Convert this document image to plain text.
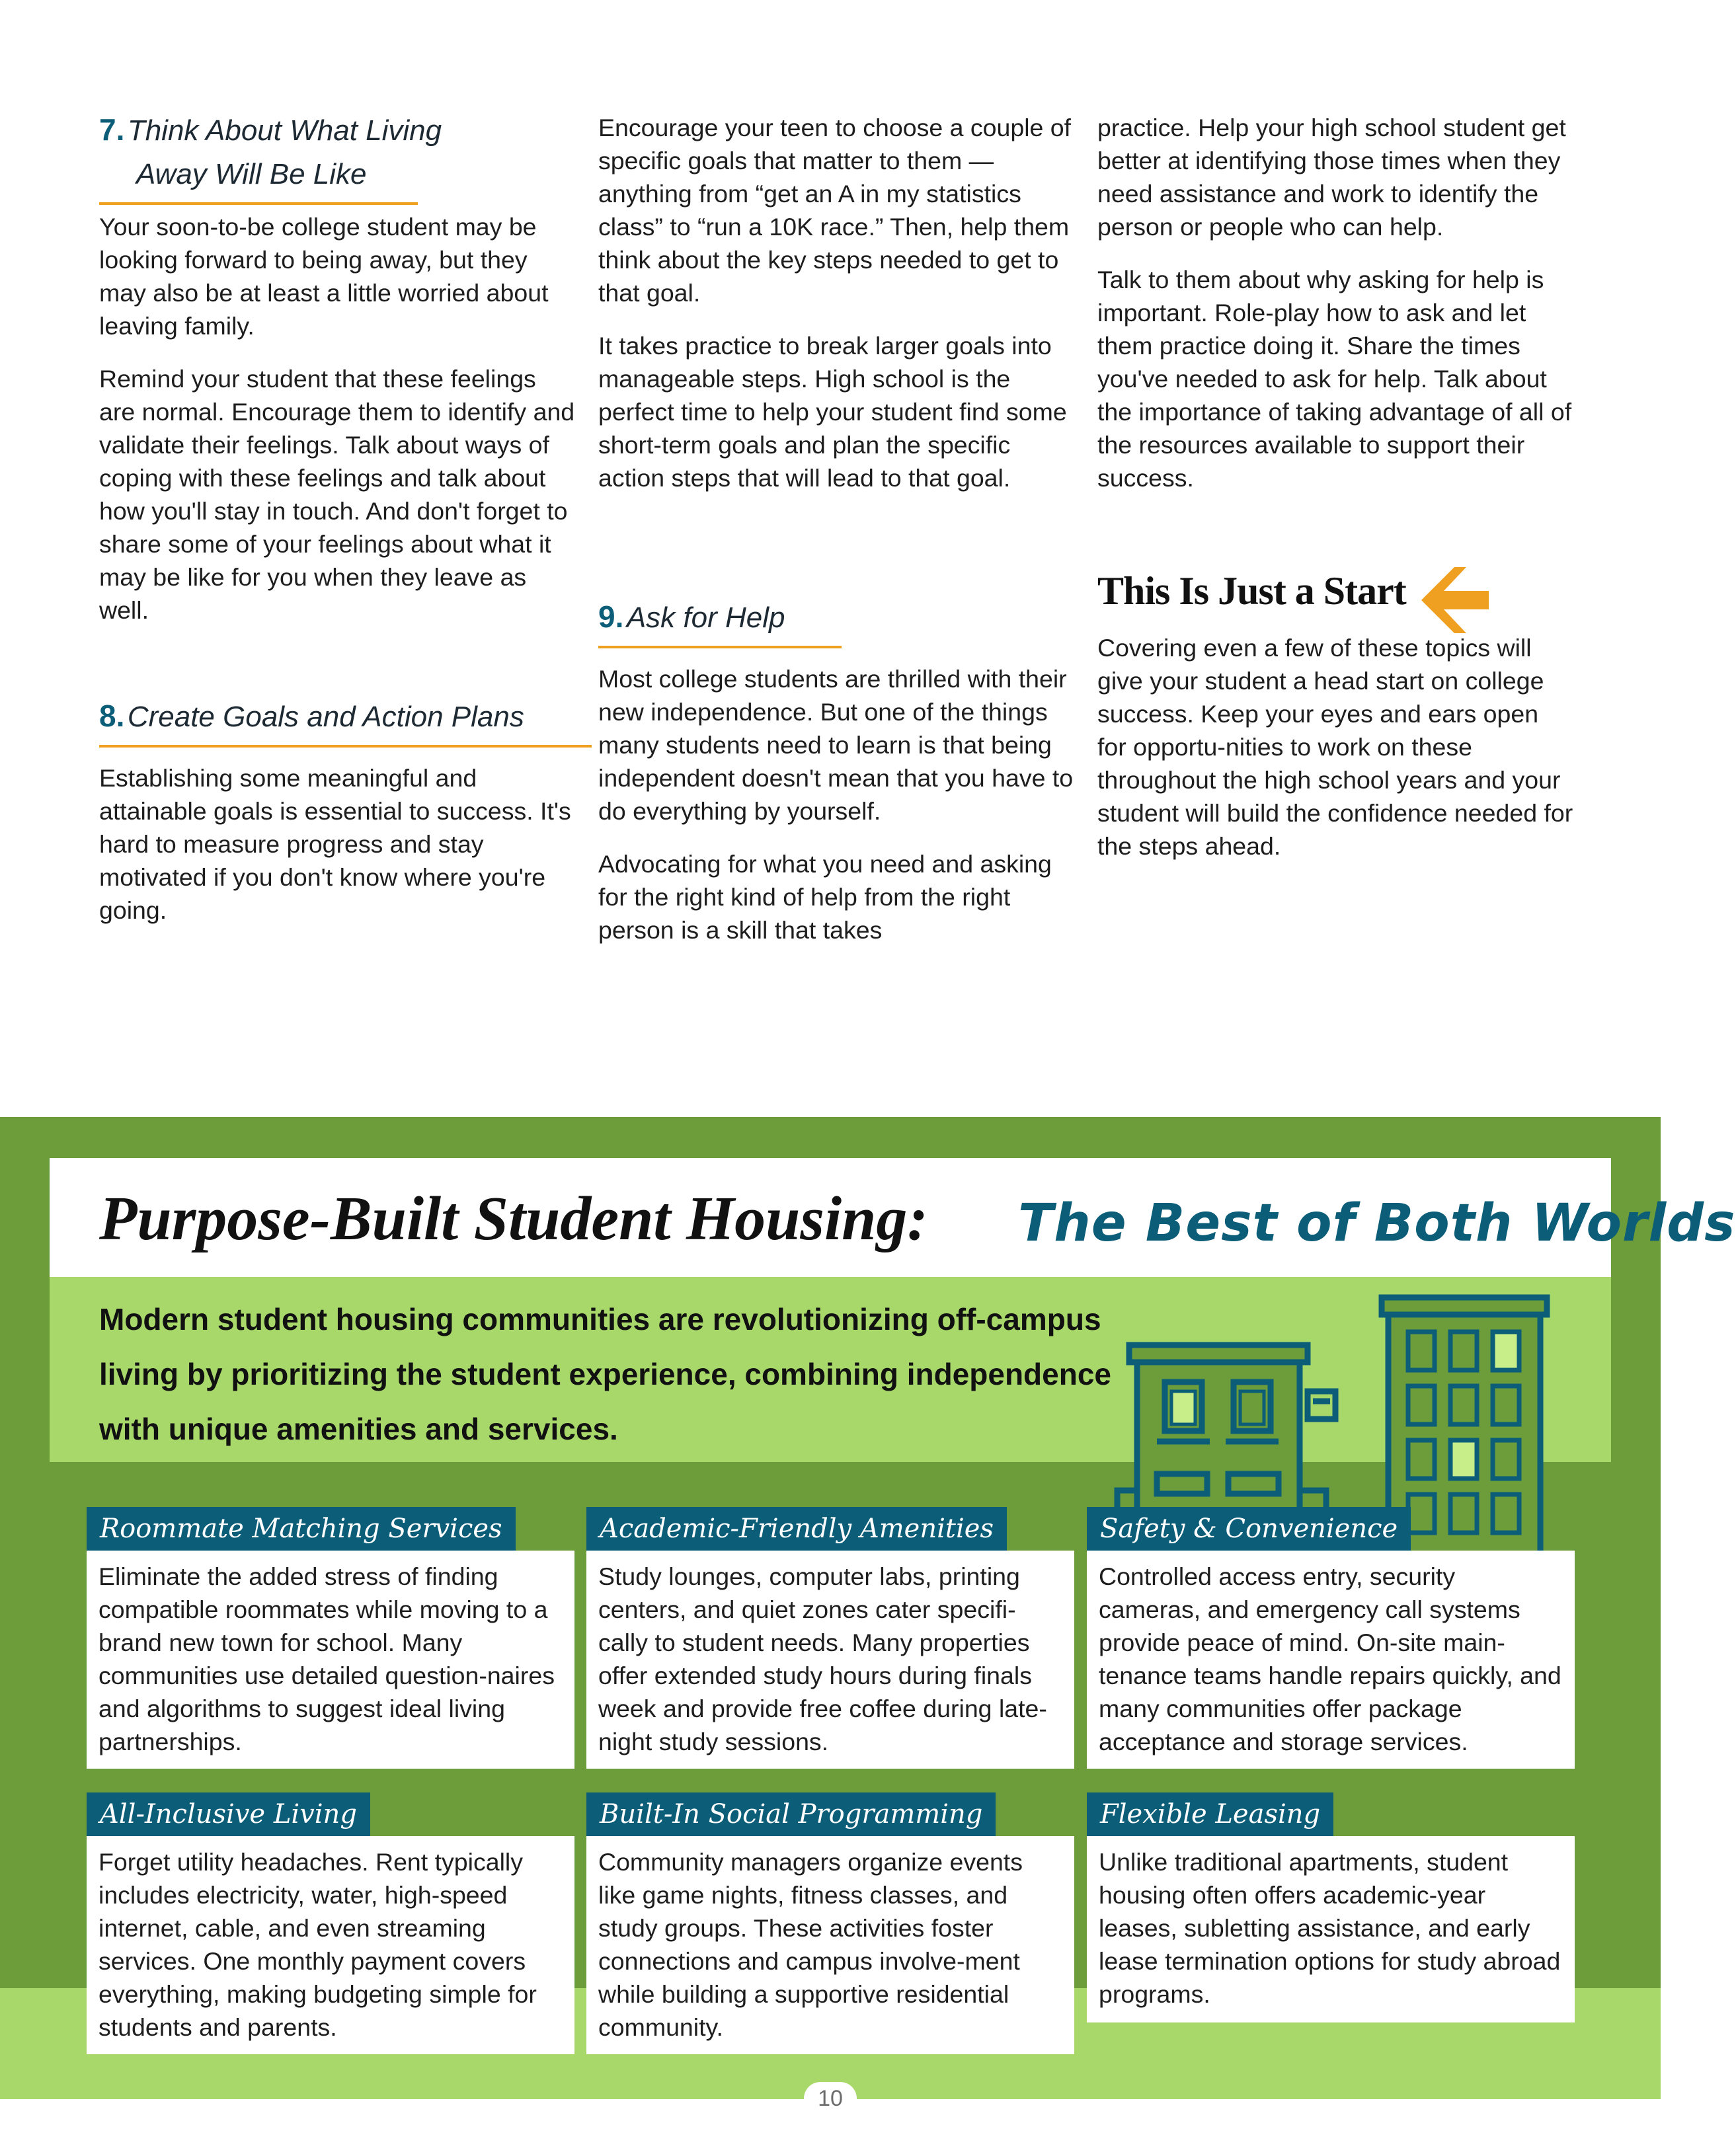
7. Think About What Living
Away Will Be Like

Your soon-to-be college student may be looking forward to being away, but they may also be at least a little worried about leaving family.

Remind your student that these feelings are normal. Encourage them to identify and validate their feelings. Talk about ways of coping with these feelings and talk about how you'll stay in touch. And don't forget to share some of your feelings about what it may be like for you when they leave as well.

8. Create Goals and Action Plans

Establishing some meaningful and attainable goals is essential to success. It's hard to measure progress and stay motivated if you don't know where you're going.

Encourage your teen to choose a couple of specific goals that matter to them — anything from “get an A in my statistics class” to “run a 10K race.” Then, help them think about the key steps needed to get to that goal.

It takes practice to break larger goals into manageable steps. High school is the perfect time to help your student find some short-term goals and plan the specific action steps that will lead to that goal.

9. Ask for Help

Most college students are thrilled with their new independence. But one of the things many students need to learn is that being independent doesn't mean that you have to do everything by yourself.

Advocating for what you need and asking for the right kind of help from the right person is a skill that takes

practice. Help your high school student get better at identifying those times when they need assistance and work to identify the person or people who can help.

Talk to them about why asking for help is important. Role-play how to ask and let them practice doing it. Share the times you've needed to ask for help. Talk about the importance of taking advantage of all of the resources available to support their success.

This Is Just a Start

Covering even a few of these topics will give your student a head start on college success. Keep your eyes and ears open for opportu-nities to work on these throughout the high school years and your student will build the confidence needed for the steps ahead.

Purpose-Built Student Housing: The Best of Both Worlds
Modern student housing communities are revolutionizing off-campus living by prioritizing the student experience, combining independence with unique amenities and services.
Roommate Matching Services

Eliminate the added stress of finding compatible roommates while moving to a brand new town for school. Many communities use detailed question-naires and algorithms to suggest ideal living partnerships.

Academic-Friendly Amenities

Study lounges, computer labs, printing centers, and quiet zones cater specifi-cally to student needs. Many properties offer extended study hours during finals week and provide free coffee during late-night study sessions.

Safety & Convenience

Controlled access entry, security cameras, and emergency call systems provide peace of mind. On-site main-tenance teams handle repairs quickly, and many communities offer package acceptance and storage services.

All-Inclusive Living

Forget utility headaches. Rent typically includes electricity, water, high-speed internet, cable, and even streaming services. One monthly payment covers everything, making budgeting simple for students and parents.

Built-In Social Programming

Community managers organize events like game nights, fitness classes, and study groups. These activities foster connections and campus involve-ment while building a supportive residential community.

Flexible Leasing

Unlike traditional apartments, student housing often offers academic-year leases, subletting assistance, and early lease termination options for study abroad programs.

10
